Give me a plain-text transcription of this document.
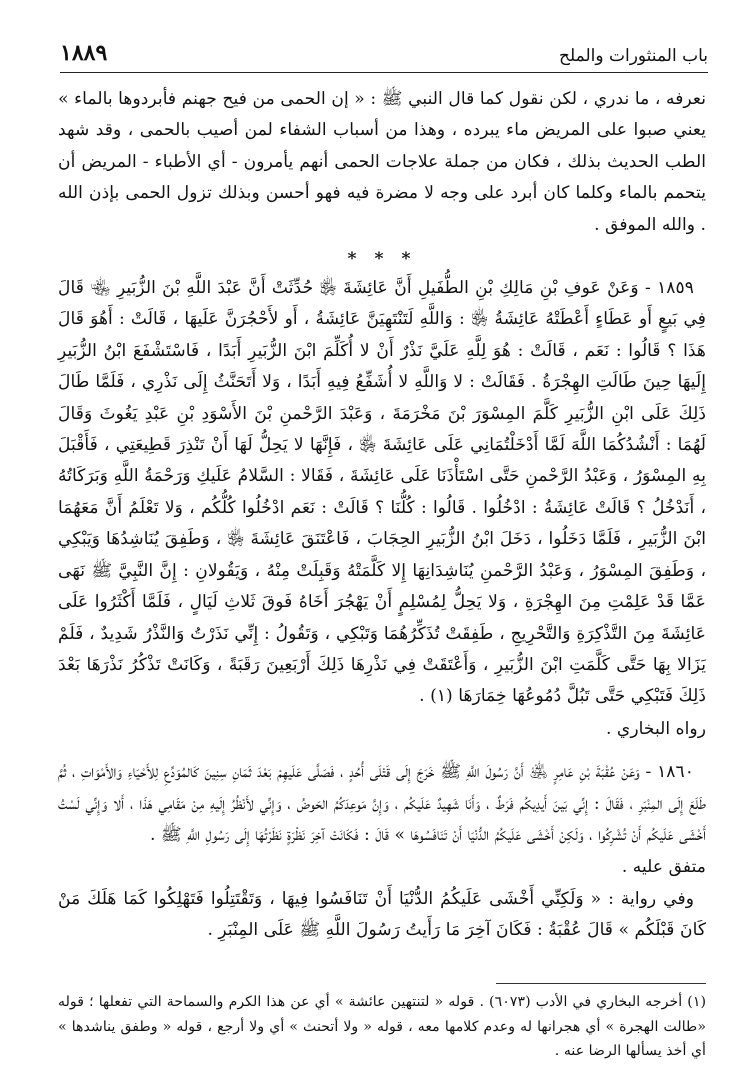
باب المنثورات والملح
١٨٨٩

نعرفه ، ما ندري ، لكن نقول كما قال النبي ﷺ : « إن الحمى من فيح جهنم فأبردوها بالماء » يعني صبوا على المريض ماء يبرده ، وهذا من أسباب الشفاء لمن أصيب بالحمى ، وقد شهد الطب الحديث بذلك ، فكان من جملة علاجات الحمى أنهم يأمرون - أي الأطباء - المريض أن يتحمم بالماء وكلما كان أبرد على وجه لا مضرة فيه فهو أحسن وبذلك تزول الحمى بإذن الله . والله الموفق .

* * *

١٨٥٩ - وَعَنْ عَوفِ بْنِ مَالِكِ بْنِ الطُّفَيلِ أَنَّ عَائِشَةَ ﵂ حُدِّثَتْ أَنَّ عَبْدَ اللَّهِ بْنَ الزُّبَيرِ ﵄ قَالَ فِي بَيعٍ أَو عَطَاءٍ أَعْطَتْهُ عَائِشَةُ ﵂ : وَاللَّهِ لَتَنْتَهِيَنَّ عَائِشَةُ ، أَو لأَحْجُرَنَّ عَلَيهَا ، قَالَتْ : أَهُوَ قَالَ هَذَا ؟ قَالُوا : نَعَم ، قَالَتْ : هُوَ لِلَّهِ عَلَيَّ نَذْرٌ أَنْ لا أُكَلِّمَ ابْنَ الزُّبَيرِ أَبَدًا ، فَاسْتَشْفَعَ ابْنُ الزُّبَيرِ إِلَيهَا حِينَ طَالَتِ الهِجْرَةُ . فَقَالَتْ : لا وَاللَّهِ لا أُشَفِّعُ فِيهِ أَبَدًا ، وَلا أَتَحَنَّثُ إِلَى نَذْرِي ، فَلَمَّا طَالَ ذَلِكَ عَلَى ابْنِ الزُّبَيرِ كَلَّمَ المِسْوَرَ بْنَ مَخْرَمَةَ ، وَعَبْدَ الرَّحْمنِ بْنَ الأَسْوَدِ بْنِ عَبْدِ يَغُوثَ وَقَالَ لَهُمَا : أَنْشُدُكُمَا اللَّهَ لَمَّا أَدْخَلْتُمَانِي عَلَى عَائِشَةَ ﵂ ، فَإِنَّهَا لا يَحِلُّ لَهَا أَنْ تَنْذِرَ قَطِيعَتِي ، فَأَقْبَلَ بِهِ المِسْوَرُ ، وَعَبْدُ الرَّحْمنِ حَتَّى اسْتَأْذَنَا عَلَى عَائِشَةَ ، فَقَالا : السَّلامُ عَلَيكِ وَرَحْمَةُ اللَّهِ وَبَرَكَاتُهُ ، أَنَدْخُلُ ؟ قَالَتْ عَائِشَةُ : ادْخُلُوا . قَالُوا : كُلُّنَا ؟ قَالَتْ : نَعَم ادْخُلُوا كُلُّكُم ، وَلا تَعْلَمُ أَنَّ مَعَهُمَا ابْنَ الزُّبَيرِ ، فَلَمَّا دَخَلُوا ، دَخَلَ ابْنُ الزُّبَيرِ الحِجَابَ ، فَاعْتَنَقَ عَائِشَةَ ﵂ ، وَطَفِقَ يُنَاشِدُهَا وَيَبْكِي ، وَطَفِقَ المِسْوَرُ ، وَعَبْدُ الرَّحْمنِ يُنَاشِدَانِهَا إِلا كَلَّمَتْهُ وَقَبِلَتْ مِنْهُ ، وَيَقُولانِ : إِنَّ النَّبِيَّ ﷺ نَهَى عَمَّا قَدْ عَلِمْتِ مِنَ الهِجْرَةِ ، وَلا يَحِلُّ لِمُسْلِمٍ أَنْ يَهْجُرَ أَخَاهُ فَوقَ ثَلاثِ لَيَالٍ ، فَلَمَّا أَكْثَرُوا عَلَى عَائِشَةَ مِنَ التَّذْكِرَةِ وَالتَّحْرِيجِ ، طَفِقَتْ تُذَكِّرُهُمَا وَتَبْكِي ، وَتَقُولُ : إِنِّي نَذَرْتُ وَالنَّذْرُ شَدِيدٌ ، فَلَمْ يَزَالا بِهَا حَتَّى كَلَّمَتِ ابْنَ الزُّبَيرِ ، وَأَعْتَقَتْ فِي نَذْرِهَا ذَلِكَ أَرْبَعِينَ رَقَبَةً ، وَكَانَتْ تَذْكُرُ نَذْرَهَا بَعْدَ ذَلِكَ فَتَبْكِي حَتَّى تَبُلَّ دُمُوعُهَا خِمَارَهَا (١) .

رواه البخاري .

١٨٦٠ - وَعَنْ عُقْبَةَ بْنِ عَامِرٍ ﵁ أَنَّ رَسُولَ اللَّهِ ﷺ خَرَجَ إِلَى قَتْلَى أُحُدٍ ، فَصَلَّى عَلَيهِمْ بَعْدَ ثَمَانِ سِنِينَ كَالمُوَدِّعِ لِلأَحْيَاءِ وَالأَمْوَاتِ ، ثُمَّ طَلَعَ إِلَى المِنْبَرِ ، فَقَالَ : إِنِّي بَينَ أَيدِيكُم فَرَطٌ ، وَأَنَا شَهِيدٌ عَلَيكُم ، وَإِنَّ مَوعِدَكُمُ الحَوضُ ، وَإِنِّي لأَنْظُرُ إِلَيهِ مِنْ مَقَامِي هَذَا ، أَلا وَإِنِّي لَسْتُ أَخْشَى عَلَيكُم أَنْ تُشْرِكُوا ، وَلَكِنْ أَخْشَى عَلَيكُمُ الدُّنْيَا أَنْ تَنَافَسُوهَا » قَالَ : فَكَانَتْ آخِرَ نَظْرَةٍ نَظَرْتُهَا إِلَى رَسُولِ اللَّهِ ﷺ .

متفق عليه .

وفي رواية : « وَلَكِنِّي أَخْشَى عَلَيكُمُ الدُّنْيَا أَنْ تَنَافَسُوا فِيهَا ، وَتَقْتَتِلُوا فَتَهْلِكُوا كَمَا هَلَكَ مَنْ كَانَ قَبْلَكُم » قَالَ عُقْبَةُ : فَكَانَ آخِرَ مَا رَأَيتُ رَسُولَ اللَّهِ ﷺ عَلَى المِنْبَرِ .

(١) أخرجه البخاري في الأدب (٦٠٧٣) . قوله « لتنتهين عائشة » أي عن هذا الكرم والسماحة التي تفعلها ؛ قوله «طالت الهجرة » أي هجرانها له وعدم كلامها معه ، قوله « ولا أتحنث » أي ولا أرجع ، قوله « وطفق يناشدها » أي أخذ يسألها الرضا عنه .
